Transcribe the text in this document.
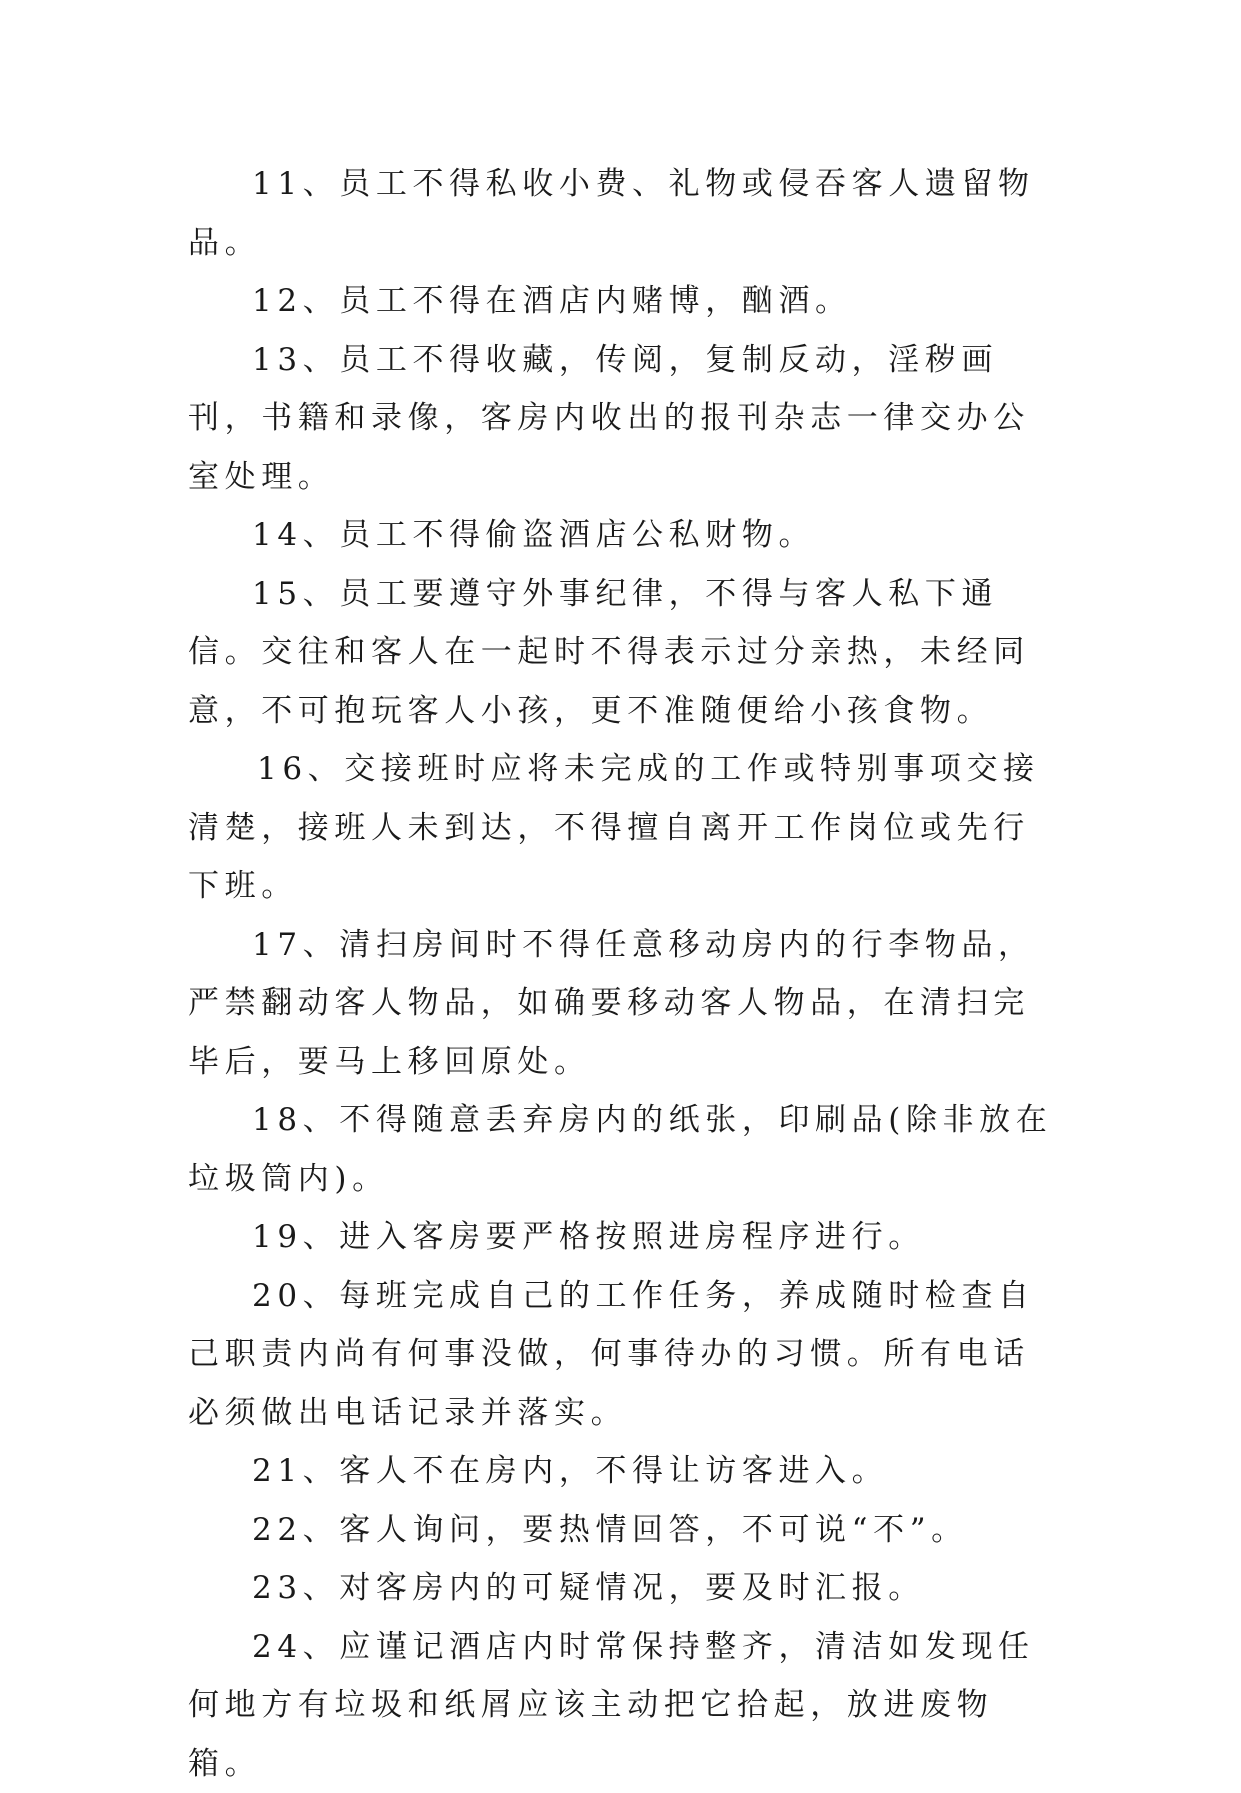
11、员工不得私收小费、礼物或侵吞客人遗留物品。

12、员工不得在酒店内赌博，酗酒。

13、员工不得收藏，传阅，复制反动，淫秽画刊，书籍和录像，客房内收出的报刊杂志一律交办公室处理。

14、员工不得偷盗酒店公私财物。

15、员工要遵守外事纪律，不得与客人私下通信。交往和客人在一起时不得表示过分亲热，未经同意，不可抱玩客人小孩，更不准随便给小孩食物。

16、交接班时应将未完成的工作或特别事项交接清楚，接班人未到达，不得擅自离开工作岗位或先行下班。

17、清扫房间时不得任意移动房内的行李物品，严禁翻动客人物品，如确要移动客人物品，在清扫完毕后，要马上移回原处。

18、不得随意丢弃房内的纸张，印刷品(除非放在垃圾筒内)。

19、进入客房要严格按照进房程序进行。

20、每班完成自己的工作任务，养成随时检查自己职责内尚有何事没做，何事待办的习惯。所有电话必须做出电话记录并落实。

21、客人不在房内，不得让访客进入。

22、客人询问，要热情回答，不可说“不”。

23、对客房内的可疑情况，要及时汇报。

24、应谨记酒店内时常保持整齐，清洁如发现任何地方有垃圾和纸屑应该主动把它拾起，放进废物箱。
